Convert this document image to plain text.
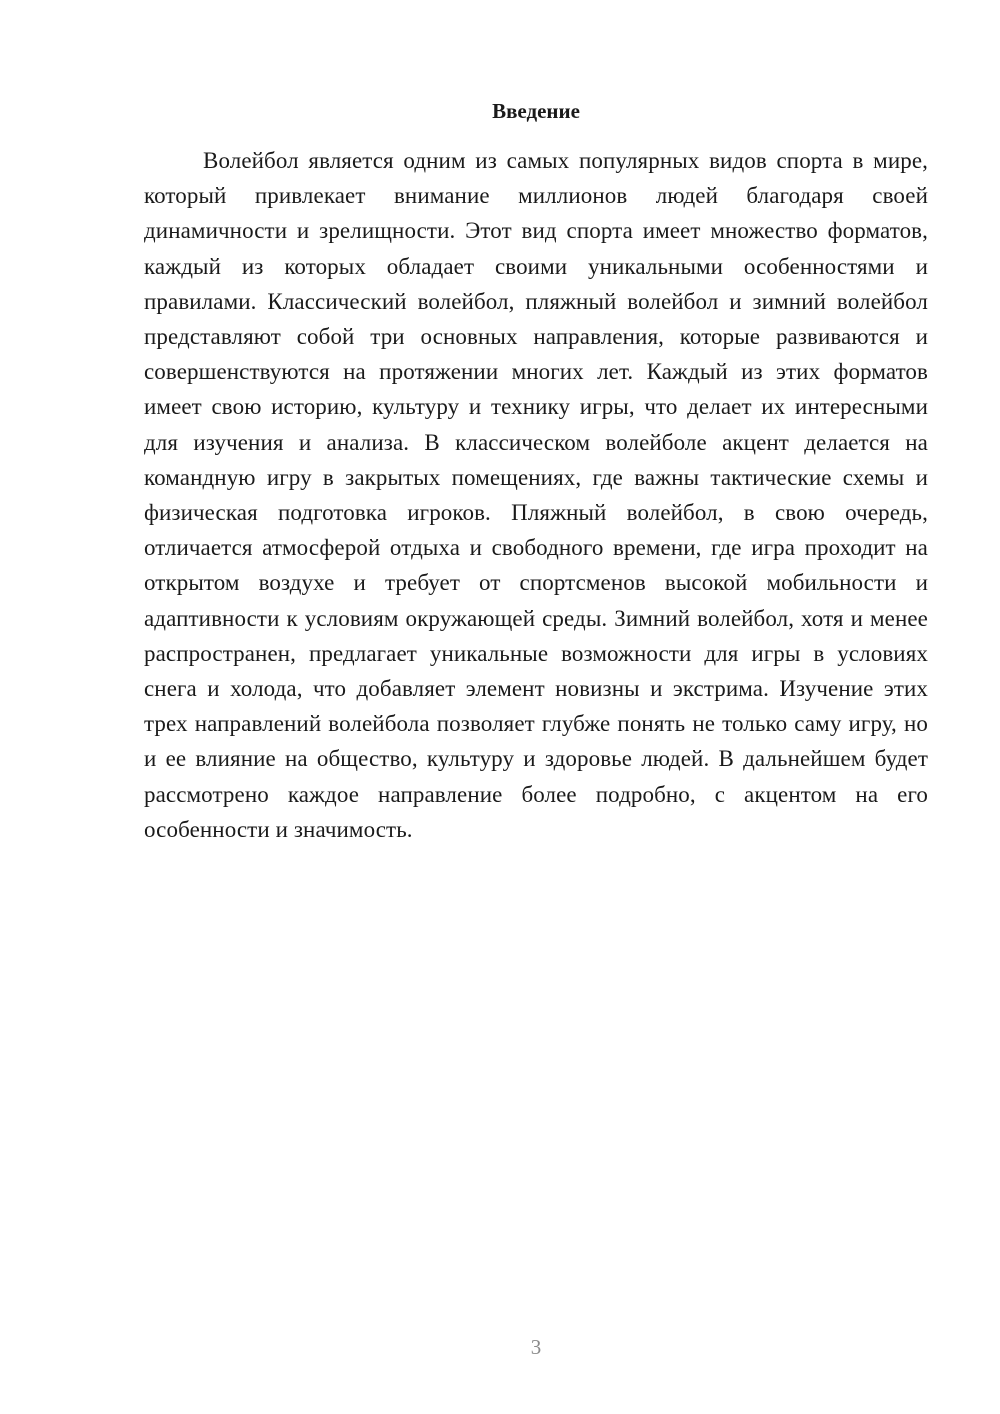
Введение

Волейбол является одним из самых популярных видов спорта в мире, который привлекает внимание миллионов людей благодаря своей динамичности и зрелищности. Этот вид спорта имеет множество форматов, каждый из которых обладает своими уникальными особенностями и правилами. Классический волейбол, пляжный волейбол и зимний волейбол представляют собой три основных направления, которые развиваются и совершенствуются на протяжении многих лет. Каждый из этих форматов имеет свою историю, культуру и технику игры, что делает их интересными для изучения и анализа. В классическом волейболе акцент делается на командную игру в закрытых помещениях, где важны тактические схемы и физическая подготовка игроков. Пляжный волейбол, в свою очередь, отличается атмосферой отдыха и свободного времени, где игра проходит на открытом воздухе и требует от спортсменов высокой мобильности и адаптивности к условиям окружающей среды. Зимний волейбол, хотя и менее распространен, предлагает уникальные возможности для игры в условиях снега и холода, что добавляет элемент новизны и экстрима. Изучение этих трех направлений волейбола позволяет глубже понять не только саму игру, но и ее влияние на общество, культуру и здоровье людей. В дальнейшем будет рассмотрено каждое направление более подробно, с акцентом на его особенности и значимость.

3
